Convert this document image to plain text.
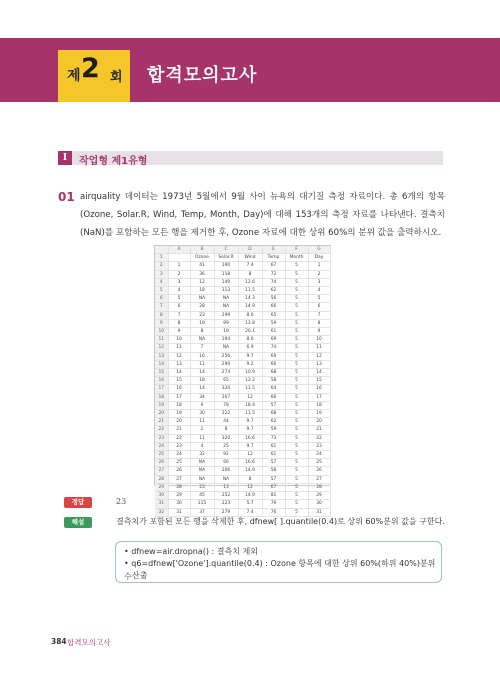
제 2 회 합격모의고사
Ⅰ	작업형 제1유형
01 airquality 데이터는 1973년 5월에서 9월 사이 뉴욕의 대기질 측정 자료이다. 총 6개의 항목(Ozone, Solar.R, Wind, Temp, Month, Day)에 대해 153개의 측정 자료를 나타낸다. 결측치(NaN)를 포함하는 모든 행을 제거한 후, Ozone 자료에 대한 상위 60%의 분위 값을 출력하시오.
	A	B	C	D	E	F	G
1		Ozone	Solar.R	Wind	Temp	Month	Day
2	1	41	190	7.4	67	5	1
3	2	36	118	8	72	5	2
4	3	12	149	12.6	74	5	3
5	4	18	313	11.5	62	5	4
6	5	NA	NA	14.3	56	5	5
7	6	28	NA	14.9	66	5	6
8	7	23	299	8.6	65	5	7
9	8	19	99	13.8	59	5	8
10	9	8	19	20.1	61	5	9
11	10	NA	194	8.6	69	5	10
12	11	7	NA	6.9	74	5	11
13	12	16	256	9.7	69	5	12
14	13	11	290	9.2	66	5	13
15	14	14	274	10.9	68	5	14
16	15	18	65	13.2	58	5	15
17	16	14	334	11.5	64	5	16
18	17	34	307	12	66	5	17
19	18	6	78	18.4	57	5	18
20	19	30	322	11.5	68	5	19
21	20	11	44	9.7	62	5	20
22	21	1	8	9.7	59	5	21
23	22	11	320	16.6	73	5	22
24	23	4	25	9.7	61	5	23
25	24	32	92	12	61	5	24
26	25	NA	66	16.6	57	5	25
27	26	NA	266	14.9	58	5	26
28	27	NA	NA	8	57	5	27
29	28	23	13	12	67	5	28
30	29	45	252	14.9	81	5	29
31	30	115	223	5.7	79	5	30
32	31	37	279	7.4	76	5	31
정답	23
해설	결측치가 포함된 모든 행을 삭제한 후, dfnew[ ].quantile(0.4)로 상위 60%분위 값을 구한다.
• dfnew=air.dropna() : 결측치 제외
• q6=dfnew['Ozone'].quantile(0.4) : Ozone 항목에 대한 상위 60%(하위 40%)분위수 산출
384 합격모의고사
